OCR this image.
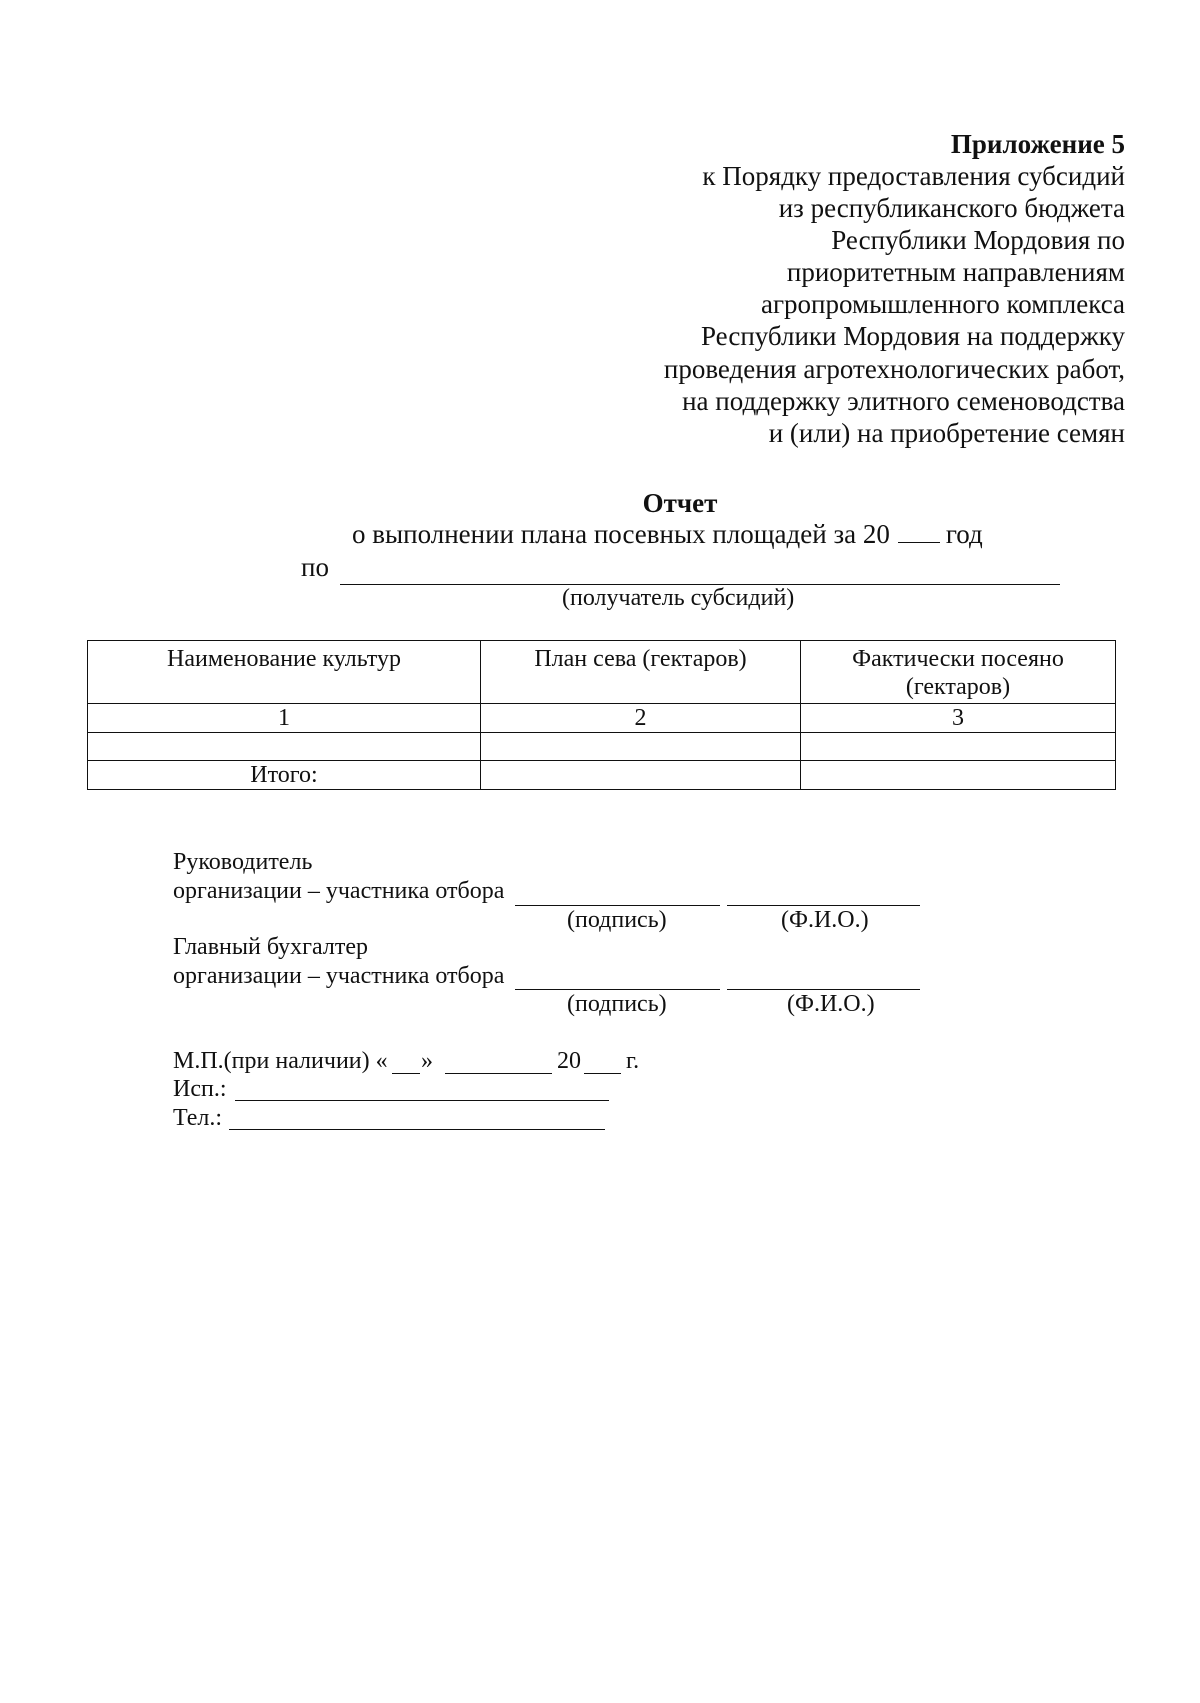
Приложение 5
к Порядку предоставления субсидий
из республиканского бюджета
Республики Мордовия по
приоритетным направлениям
агропромышленного комплекса
Республики Мордовия на поддержку
проведения агротехнологических работ,
на поддержку элитного семеноводства
и (или) на приобретение семян
Отчет
о выполнении плана посевных площадей за 20 год
по
(получатель субсидий)
Наименование культур	План сева (гектаров)	Фактически посеяно (гектаров)
1	2	3

Итого:		
Руководитель
организации – участника отбора
(подпись)	(Ф.И.О.)
Главный бухгалтер
организации – участника отбора
(подпись)	(Ф.И.О.)
М.П.(при наличии) « »	20 г.
Исп.:
Тел.:
